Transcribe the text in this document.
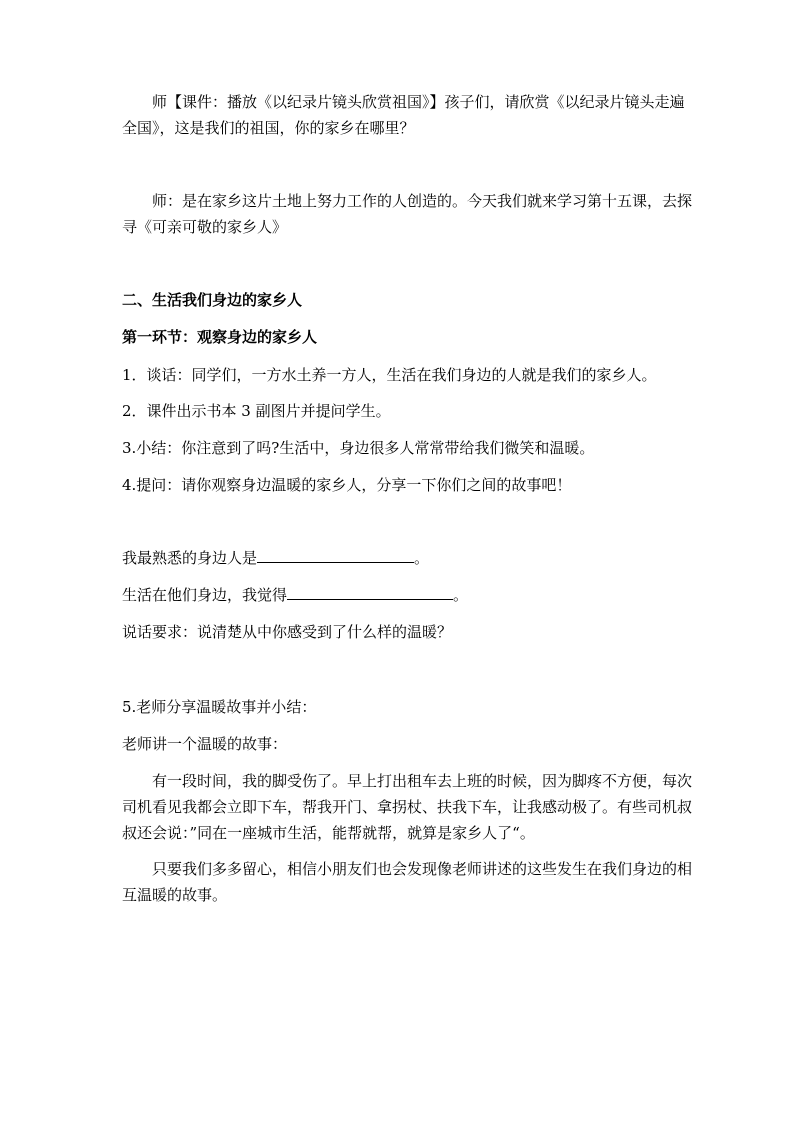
师【课件：播放《以纪录片镜头欣赏祖国》】孩子们，请欣赏《以纪录片镜头走遍
全国》，这是我们的祖国，你的家乡在哪里？
师：是在家乡这片土地上努力工作的人创造的。今天我们就来学习第十五课，去探
寻《可亲可敬的家乡人》
二、生活我们身边的家乡人
第一环节：观察身边的家乡人
1．谈话：同学们，一方水土养一方人，生活在我们身边的人就是我们的家乡人。
2．课件出示书本 3 副图片并提问学生。
3.小结：你注意到了吗?生活中，身边很多人常常带给我们微笑和温暖。
4.提问：请你观察身边温暖的家乡人，分享一下你们之间的故事吧！
我最熟悉的身边人是	。
生活在他们身边，我觉得	。
说话要求：说清楚从中你感受到了什么样的温暖？
5.老师分享温暖故事并小结：
老师讲一个温暖的故事：
有一段时间，我的脚受伤了。早上打出租车去上班的时候，因为脚疼不方便，每次
司机看见我都会立即下车，帮我开门、拿拐杖、扶我下车，让我感动极了。有些司机叔
叔还会说：”同在一座城市生活，能帮就帮，就算是家乡人了“。
只要我们多多留心，相信小朋友们也会发现像老师讲述的这些发生在我们身边的相
互温暖的故事。
